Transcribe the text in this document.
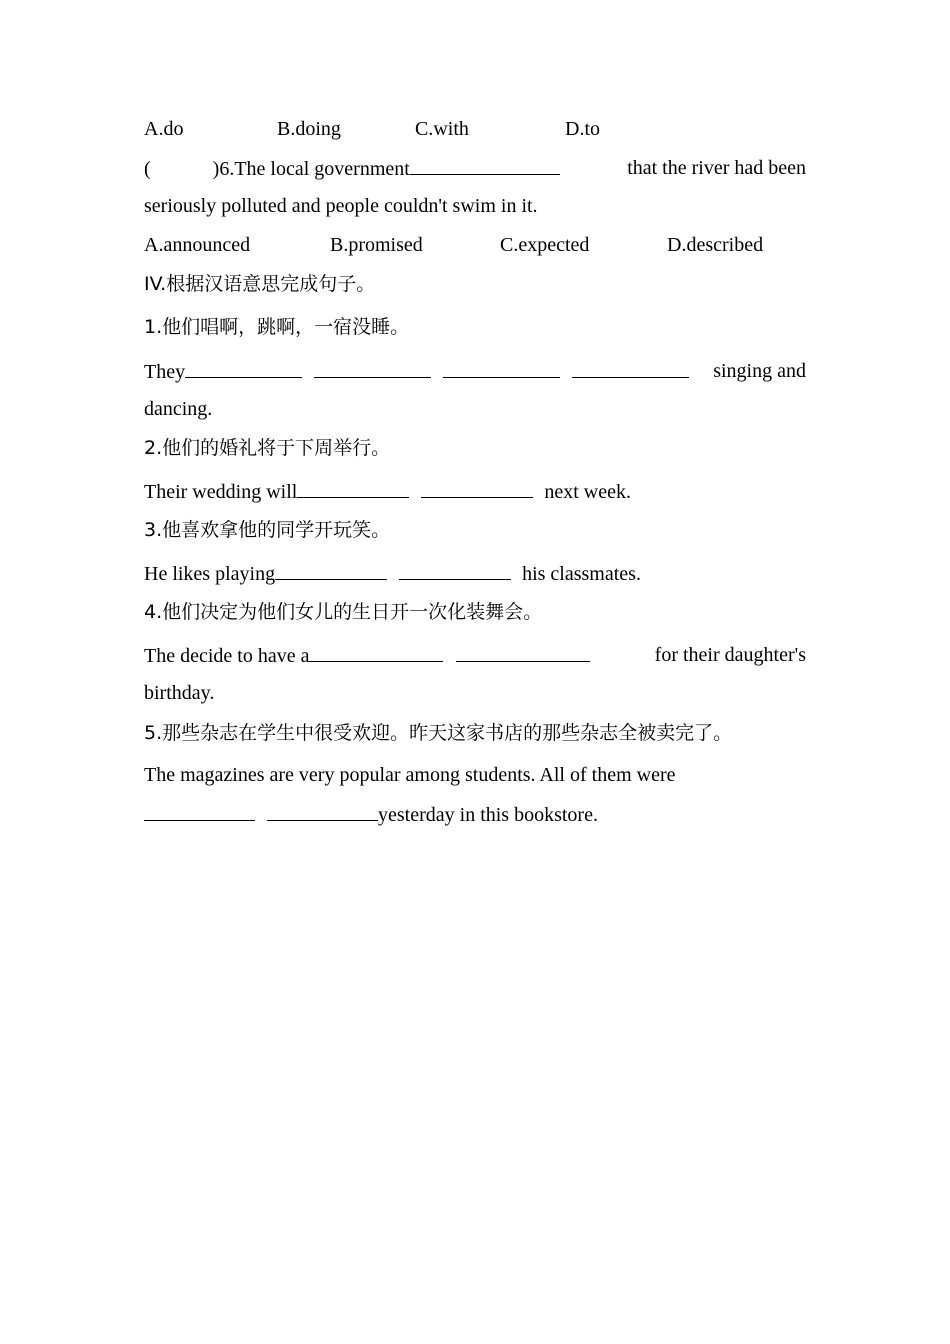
A.do	B.doing	C.with	D.to
(	)6.The local government	that the river had been
seriously polluted and people couldn't swim in it.
A.announced	B.promised	C.expected	D.described
IV.根据汉语意思完成句子。
1.他们唱啊，跳啊，一宿没睡。
They	singing and
dancing.
2.他们的婚礼将于下周举行。
Their wedding will	next week.
3.他喜欢拿他的同学开玩笑。
He likes playing	his classmates.
4.他们决定为他们女儿的生日开一次化装舞会。
The decide to have a	for their daughter's
birthday.
5.那些杂志在学生中很受欢迎。昨天这家书店的那些杂志全被卖完了。
The magazines are very popular among students. All of them were
yesterday in this bookstore.
